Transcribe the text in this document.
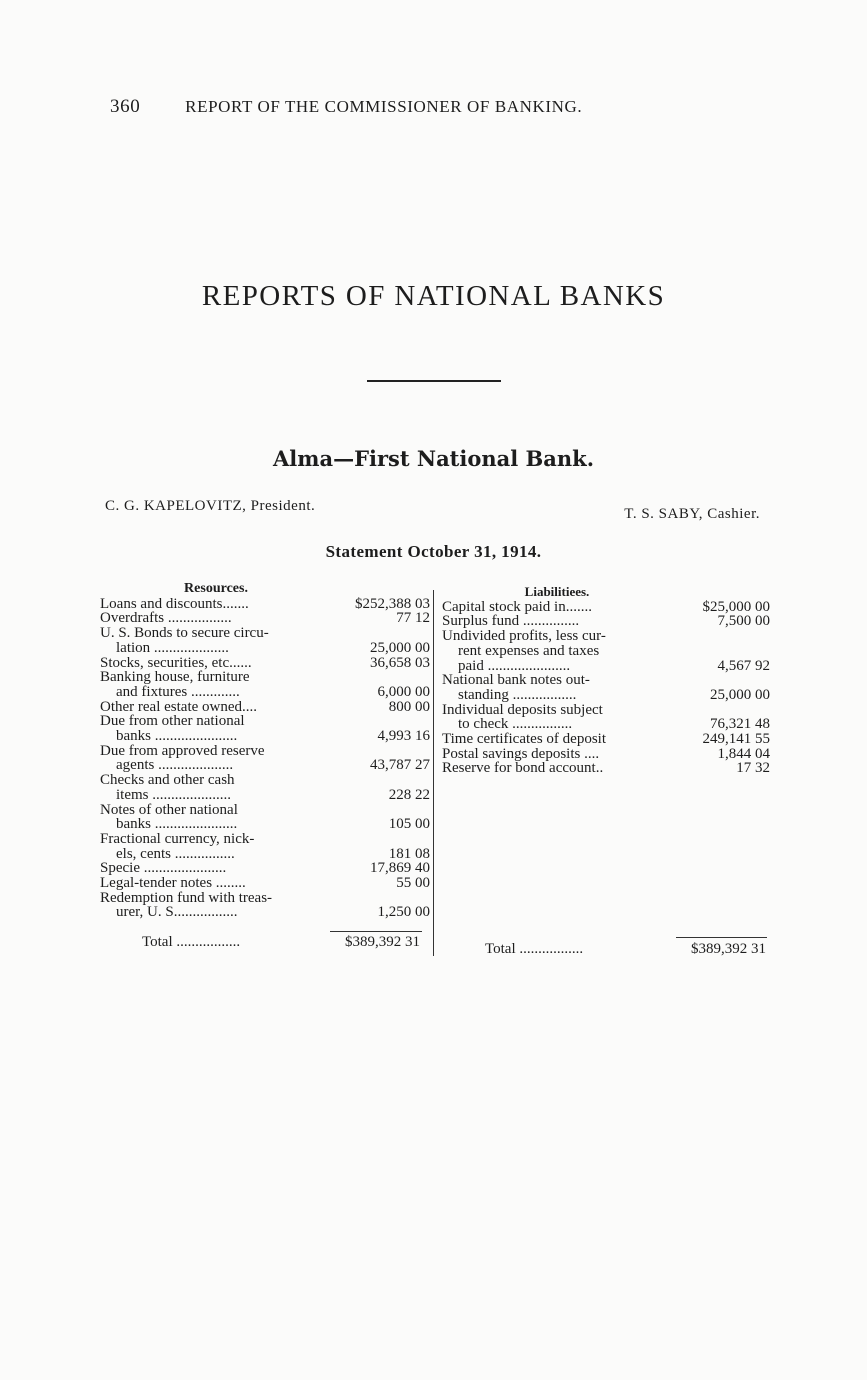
360	REPORT OF THE COMMISSIONER OF BANKING.
REPORTS OF NATIONAL BANKS
Alma—First National Bank.
C. G. KAPELOVITZ, President.	T. S. SABY, Cashier.
Statement October 31, 1914.
Resources.
Loans and discounts.......	$252,388 03
Overdrafts .................	77 12
U. S. Bonds to secure circu-
lation ....................	25,000 00
Stocks, securities, etc......	36,658 03
Banking house, furniture
and fixtures .............	6,000 00
Other real estate owned....	800 00
Due from other national
banks ......................	4,993 16
Due from approved reserve
agents ....................	43,787 27
Checks and other cash
items .....................	228 22
Notes of other national
banks ......................	105 00
Fractional currency, nick-
els, cents ................	181 08
Specie ......................	17,869 40
Legal-tender notes ........	55 00
Redemption fund with treas-
urer, U. S.................	1,250 00
Liabilitiees.
Capital stock paid in.......	$25,000 00
Surplus fund ...............	7,500 00
Undivided profits, less cur-
rent expenses and taxes
paid ......................	4,567 92
National bank notes out-
standing .................	25,000 00
Individual deposits subject
to check ................	76,321 48
Time certificates of deposit	249,141 55
Postal savings deposits ....	1,844 04
Reserve for bond account..	17 32
Total .................	$389,392 31	Total .................	$389,392 31
